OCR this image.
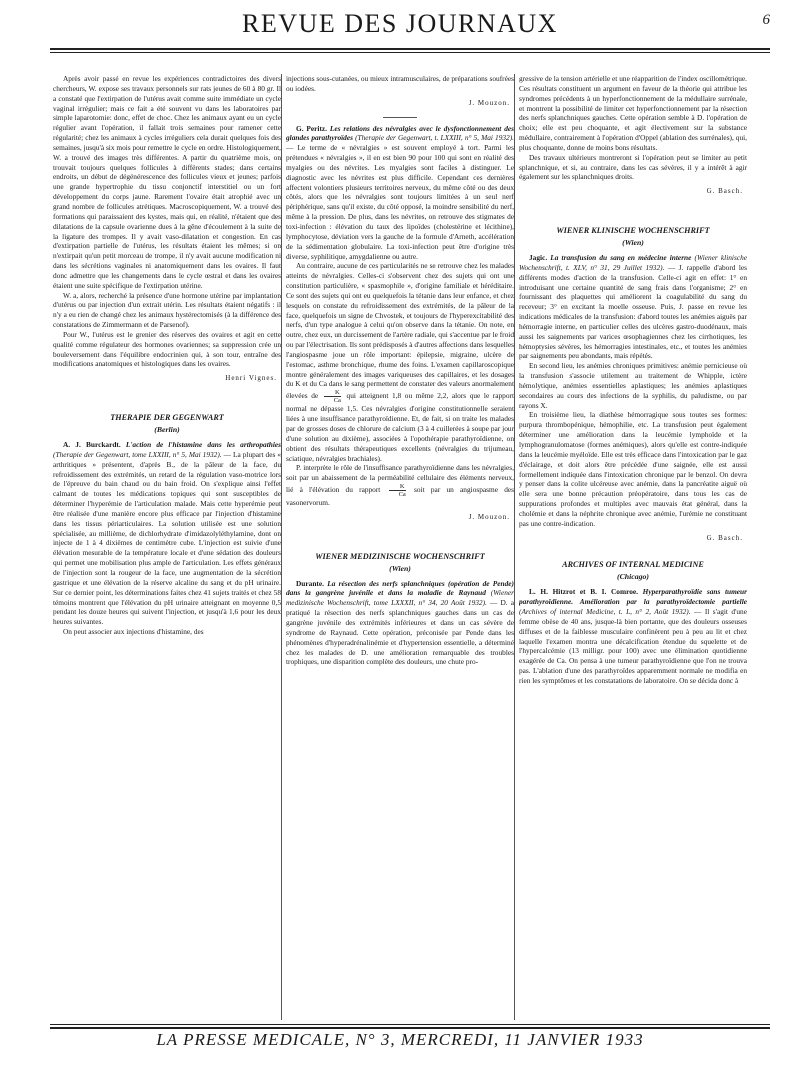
REVUE DES JOURNAUX	6

Après avoir passé en revue les expériences contradictoires des divers chercheurs, W. expose ses travaux personnels sur rats jeunes de 60 à 80 gr. Il a constaté que l'extirpation de l'utérus avait comme suite immédiate un cycle vaginal irrégulier; mais ce fait a été souvent vu dans les laboratoires par simple laparotomie: donc, effet de choc. Chez les animaux ayant eu un cycle régulier avant l'opération, il fallait trois semaines pour ramener cette régularité; chez les animaux à cycles irréguliers cela durait quelques fois des semaines, jusqu'à six mois pour remettre le cycle en ordre. Histologiquement, W. a trouvé des images très différentes. A partir du quatrième mois, on trouvait toujours quelques follicules à différents stades; dans certains endroits, un début de dégénérescence des follicules vieux et jeunes; parfois une grande hypertrophie du tissu conjonctif interstitiel ou un fort développement du corps jaune. Rarement l'ovaire était atrophié avec un grand nombre de follicules atrétiques. Macroscopiquement, W. a trouvé des formations qui paraissaient des kystes, mais qui, en réalité, n'étaient que des dilatations de la capsule ovarienne dues à la gêne d'écoulement à la suite de la ligature des trompes. Il y avait vaso-dilatation et congestion. En cas d'extirpation partielle de l'utérus, les résultats étaient les mêmes; si on n'extirpait qu'un petit morceau de trompe, il n'y avait aucune modification ni dans les sécrétions vaginales ni anatomiquement dans les ovaires. Il faut donc admettre que les changements dans le cycle œstral et dans les ovaires étaient une suite spécifique de l'extirpation utérine.

W. a, alors, recherché la présence d'une hormone utérine par implantation d'utérus ou par injection d'un extrait utérin. Les résultats étaient négatifs : il n'y a eu rien de changé chez les animaux hystérectomisés (à la différence des constatations de Zimmermann et de Parsenof).

Pour W., l'utérus est le grenier des réserves des ovaires et agit en cette qualité comme régulateur des hormones ovariennes; sa suppression crée un bouleversement dans l'équilibre endocrinien qui, à son tour, entraîne des modifications anatomiques et histologiques dans les ovaires.

Henri Vignes.
THERAPIE DER GEGENWART
(Berlin)

A. J. Burckardt. L'action de l'histamine dans les arthropathies (Therapie der Gegenwart, tome LXXIII, n° 5, Mai 1932). — La plupart des « arthritiques » présentent, d'après B., de la pâleur de la face, du refroidissement des extrémités, un retard de la régulation vaso-motrice lors de l'épreuve du bain chaud ou du bain froid. On s'explique ainsi l'effet calmant de toutes les médications topiques qui sont susceptibles de déterminer l'hyperémie de l'articulation malade. Mais cette hyperémie peut être réalisée d'une manière encore plus efficace par l'injection d'histamine dans les tissus périarticulaires. La solution utilisée est une solution spécialisée, au millième, de dichlorhydrate d'imidazolyléthylamine, dont on injecte de 1 à 4 dixièmes de centimètre cube. L'injection est suivie d'une élévation mesurable de la température locale et d'une sédation des douleurs qui permet une mobilisation plus ample de l'articulation. Les effets généraux de l'injection sont la rougeur de la face, une augmentation de la sécrétion gastrique et une élévation de la réserve alcaline du sang et du pH urinaire. Sur ce dernier point, les déterminations faites chez 41 sujets traités et chez 58 témoins montrent que l'élévation du pH urinaire atteignant en moyenne 0,5 pendant les douze heures qui suivent l'injection, et jusqu'à 1,6 pour les deux heures suivantes.

On peut associer aux injections d'histamine, des

injections sous-cutanées, ou mieux intramusculaires, de préparations soufrées ou iodées.

J. Mouzon.

G. Peritz. Les relations des névralgies avec le dysfonctionnement des glandes parathyroïdes (Therapie der Gegenwart, t. LXXIII, n° 5, Mai 1932). — Le terme de « névralgies » est souvent employé à tort. Parmi les prétendues « névralgies », il en est bien 90 pour 100 qui sont en réalité des myalgies ou des névrites. Les myalgies sont faciles à distinguer. Le diagnostic avec les névrites est plus difficile. Cependant ces dernières affectent volontiers plusieurs territoires nerveux, du même côté ou des deux côtés, alors que les névralgies sont toujours limitées à un seul nerf périphérique, sans qu'il existe, du côté opposé, la moindre sensibilité du nerf, même à la pression. De plus, dans les névrites, on retrouve des stigmates de toxi-infection : élévation du taux des lipoïdes (cholestérine et lécithine), lymphocytose, déviation vers la gauche de la formule d'Arneth, accélération de la sédimentation globulaire. La toxi-infection peut être d'origine très diverse, syphilitique, amygdalienne ou autre.

Au contraire, aucune de ces particularités ne se retrouve chez les malades atteints de névralgies. Celles-ci s'observent chez des sujets qui ont une constitution particulière, « spasmophile », d'origine familiale et héréditaire. Ce sont des sujets qui ont eu quelquefois la tétanie dans leur enfance, et chez lesquels on constate du refroidissement des extrémités, de la pâleur de la face, quelquefois un signe de Chvostek, et toujours de l'hyperexcitabilité des nerfs, d'un type analogue à celui qu'on observe dans la tétanie. On note, en outre, chez eux, un durcissement de l'artère radiale, qui s'accentue par le froid ou par l'électrisation. Ils sont prédisposés à d'autres affections dans lesquelles l'angiospasme joue un rôle important: épilepsie, migraine, ulcère de l'estomac, asthme bronchique, rhume des foins. L'examen capillaroscopique montre généralement des images variqueuses des capillaires, et les dosages du K et du Ca dans le sang permettent de constater des valeurs anormalement élevées de $\frac{K}{Ca}$ qui atteignent 1,8 ou même 2,2, alors que le rapport normal ne dépasse 1,5. Ces névralgies d'origine constitutionnelle seraient liées à une insuffisance parathyroïdienne. Et, de fait, si on traite les malades par de grosses doses de chlorure de calcium (3 à 4 cuillerées à soupe par jour d'une solution au dixième), associées à l'opothérapie parathyroïdienne, on obtient des résultats thérapeutiques excellents (névralgies du trijumeau, sciatique, névralgies brachiales).

P. interprète le rôle de l'insuffisance parathyroïdienne dans les névralgies, soit par un abaissement de la perméabilité cellulaire des éléments nerveux, lié à l'élévation du rapport $\frac{K}{Ca}$ soit par un angiospasme des vasonervorum.

J. Mouzon.
WIENER MEDIZINISCHE WOCHENSCHRIFT
(Wien)

Durante. La résection des nerfs splanchniques (opération de Pende) dans la gangrène juvénile et dans la maladie de Raynaud (Wiener medizinische Wochenschrift, tome LXXXII, n° 34, 20 Août 1932). — D. a pratiqué la résection des nerfs splanchniques gauches dans un cas de gangrène juvénile des extrémités inférieures et dans un cas sévère de syndrome de Raynaud. Cette opération, préconisée par Pende dans les phénomènes d'hyperadrénalinémie et d'hypertension essentielle, a déterminé chez les malades de D. une amélioration remarquable des troubles trophiques, une disparition complète des douleurs, une chute pro-

gressive de la tension artérielle et une réapparition de l'index oscillométrique. Ces résultats constituent un argument en faveur de la théorie qui attribue les syndromes précédents à un hyperfonctionnement de la médullaire surrénale, et montrent la possibilité de limiter cet hyperfonctionnement par la résection des nerfs splanchniques gauches. Cette opération semble à D. l'opération de choix; elle est peu choquante, et agit électivement sur la substance médullaire, contrairement à l'opération d'Oppel (ablation des surrénales), qui, plus choquante, donne de moins bons résultats.

Des travaux ultérieurs montreront si l'opération peut se limiter au petit splanchnique, et si, au contraire, dans les cas sévères, il y a intérêt à agir également sur les splanchniques droits.

G. Basch.
WIENER KLINISCHE WOCHENSCHRIFT
(Wien)

Jagic. La transfusion du sang en médecine interne (Wiener klinische Wochenschrift, t. XLV, n° 31, 29 Juillet 1932). — J. rappelle d'abord les différents modes d'action de la transfusion. Celle-ci agit en effet: 1° en introduisant une certaine quantité de sang frais dans l'organisme; 2° en fournissant des plaquettes qui améliorent la coagulabilité du sang du receveur; 3° en excitant la moelle osseuse. Puis, J. passe en revue les indications médicales de la transfusion: d'abord toutes les anémies aiguës par hémorragie interne, en particulier celles des ulcères gastro-duodénaux, mais aussi les saignements par varices œsophagiennes chez les cirrhotiques, les hémoptysies sévères, les hémorragies intestinales, etc., et toutes les anémies par saignements peu abondants, mais répétés.

En second lieu, les anémies chroniques primitives: anémie pernicieuse où la transfusion s'associe utilement au traitement de Whipple, ictère hémolytique, anémies essentielles aplastiques; les anémies aplastiques secondaires au cours des infections de la syphilis, du paludisme, ou par rayons X.

En troisième lieu, la diathèse hémorragique sous toutes ses formes: purpura thrombopénique, hémophilie, etc. La transfusion peut également déterminer une amélioration dans la leucémie lymphoïde et la lymphogranulomatose (formes anémiques), alors qu'elle est contre-indiquée dans la leucémie myéloïde. Elle est très efficace dans l'intoxication par le gaz d'éclairage, et doit alors être précédée d'une saignée, elle est aussi formellement indiquée dans l'intoxication chronique par le benzol. On devra y penser dans la colite ulcéreuse avec anémie, dans la pancréatite aiguë où elle sera une bonne précaution préopératoire, dans tous les cas de suppurations profondes et multiples avec mauvais état général, dans la cholémie et dans la néphrite chronique avec anémie, l'urémie ne constituant pas une contre-indication.

G. Basch.
ARCHIVES OF INTERNAL MEDICINE
(Chicago)

L. H. Hitzrot et B. I. Comroe. Hyperparathyroïdie sans tumeur parathyroïdienne. Amélioration par la parathyroïdectomie partielle (Archives of internal Medicine, t. L, n° 2, Août 1932). — Il s'agit d'une femme obèse de 40 ans, jusque-là bien portante, que des douleurs osseuses diffuses et de la faiblesse musculaire confinèrent peu à peu au lit et chez laquelle l'examen montra une décalcification étendue du squelette et de l'hypercalcémie (13 milligr. pour 100) avec une élimination quotidienne exagérée de Ca. On pensa à une tumeur parathyroïdienne que l'on ne trouva pas. L'ablation d'une des parathyroïdes apparemment normale ne modifia en rien les symptômes et les constatations de laboratoire. On se décida donc à

LA PRESSE MEDICALE, N° 3, MERCREDI, 11 JANVIER 1933
